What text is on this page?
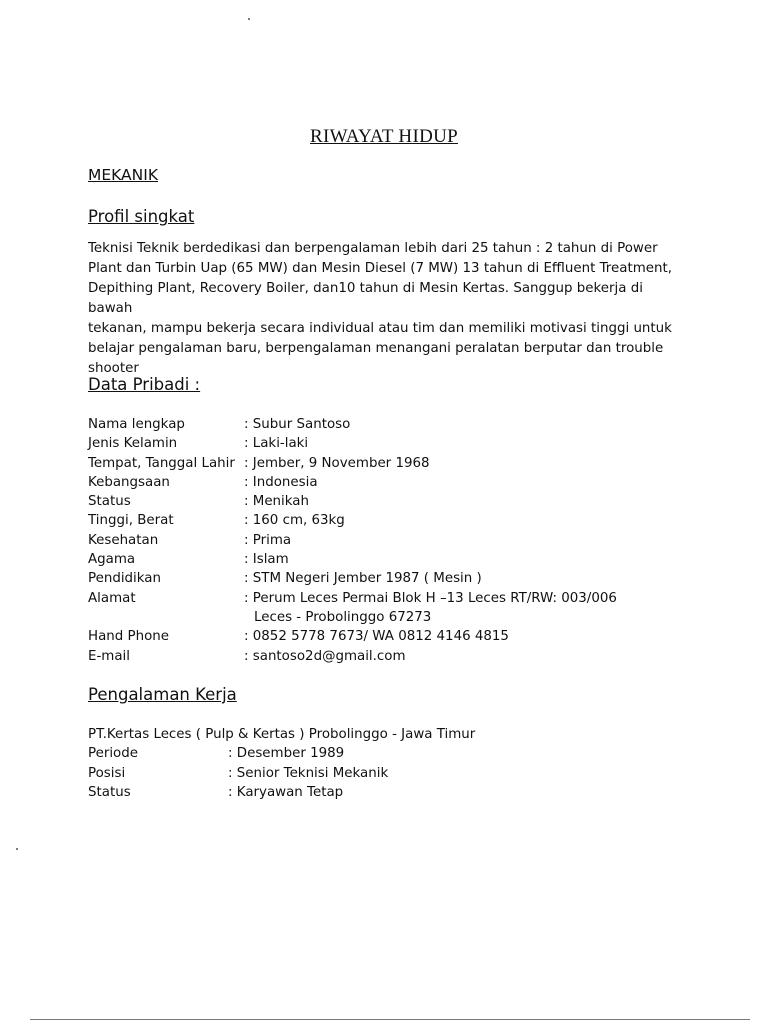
RIWAYAT HIDUP
MEKANIK
Profil singkat
Teknisi Teknik berdedikasi dan berpengalaman lebih dari 25 tahun : 2 tahun di Power
Plant dan Turbin Uap (65 MW) dan Mesin Diesel (7 MW) 13 tahun di Effluent Treatment,
Depithing Plant, Recovery Boiler, dan10 tahun di Mesin Kertas. Sanggup bekerja di bawah
tekanan, mampu bekerja secara individual atau tim dan memiliki motivasi tinggi untuk
belajar pengalaman baru, berpengalaman menangani peralatan berputar dan trouble
shooter
Data Pribadi :
Nama lengkap	: Subur Santoso
Jenis Kelamin	: Laki-laki
Tempat, Tanggal Lahir : Jember, 9 November 1968
Kebangsaan	: Indonesia
Status	: Menikah
Tinggi, Berat	: 160 cm, 63kg
Kesehatan	: Prima
Agama	: Islam
Pendidikan	: STM Negeri Jember 1987 ( Mesin )
Alamat	: Perum Leces Permai Blok H –13 Leces RT/RW: 003/006
Leces - Probolinggo 67273
Hand Phone	: 0852 5778 7673/ WA 0812 4146 4815
E-mail	: santoso2d@gmail.com
Pengalaman Kerja
PT.Kertas Leces ( Pulp & Kertas ) Probolinggo - Jawa Timur
Periode	: Desember 1989
Posisi	: Senior Teknisi Mekanik
Status	: Karyawan Tetap
